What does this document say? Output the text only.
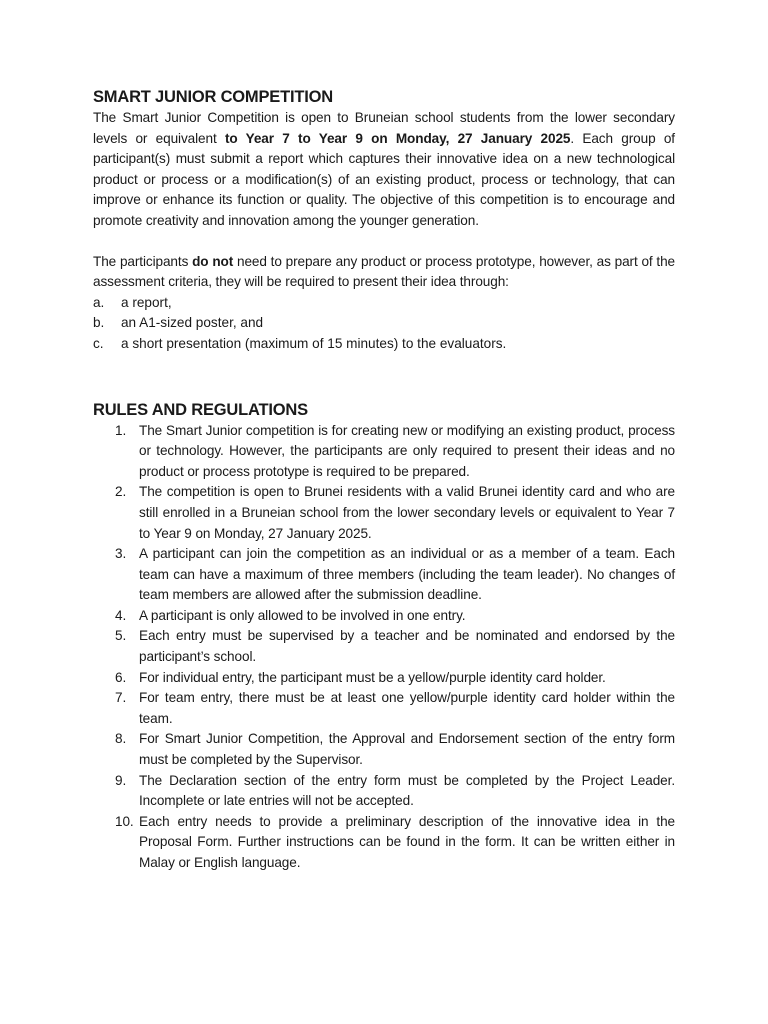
SMART JUNIOR COMPETITION

The Smart Junior Competition is open to Bruneian school students from the lower secondary levels or equivalent to Year 7 to Year 9 on Monday, 27 January 2025. Each group of participant(s) must submit a report which captures their innovative idea on a new technological product or process or a modification(s) of an existing product, process or technology, that can improve or enhance its function or quality. The objective of this competition is to encourage and promote creativity and innovation among the younger generation.

The participants do not need to prepare any product or process prototype, however, as part of the assessment criteria, they will be required to present their idea through:

a.	a report,
b.	an A1-sized poster, and
c.	a short presentation (maximum of 15 minutes) to the evaluators.
RULES AND REGULATIONS
1. The Smart Junior competition is for creating new or modifying an existing product, process or technology. However, the participants are only required to present their ideas and no product or process prototype is required to be prepared.
2. The competition is open to Brunei residents with a valid Brunei identity card and who are still enrolled in a Bruneian school from the lower secondary levels or equivalent to Year 7 to Year 9 on Monday, 27 January 2025.
3. A participant can join the competition as an individual or as a member of a team. Each team can have a maximum of three members (including the team leader). No changes of team members are allowed after the submission deadline.
4. A participant is only allowed to be involved in one entry.
5. Each entry must be supervised by a teacher and be nominated and endorsed by the participant’s school.
6. For individual entry, the participant must be a yellow/purple identity card holder.
7. For team entry, there must be at least one yellow/purple identity card holder within the team.
8. For Smart Junior Competition, the Approval and Endorsement section of the entry form must be completed by the Supervisor.
9. The Declaration section of the entry form must be completed by the Project Leader. Incomplete or late entries will not be accepted.
10. Each entry needs to provide a preliminary description of the innovative idea in the Proposal Form. Further instructions can be found in the form. It can be written either in Malay or English language.
